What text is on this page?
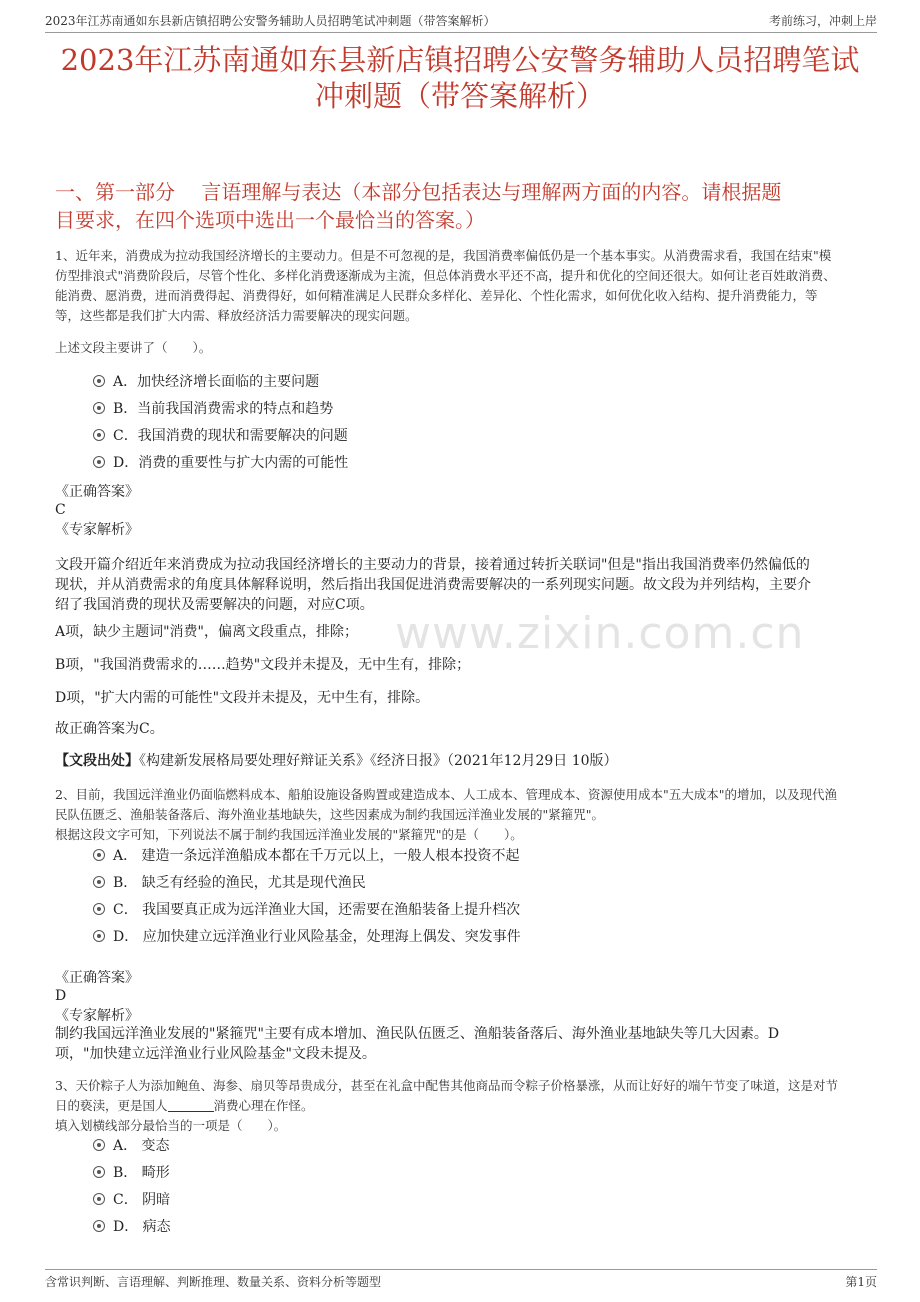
2023年江苏南通如东县新店镇招聘公安警务辅助人员招聘笔试冲刺题（带答案解析）	考前练习，冲刺上岸
2023年江苏南通如东县新店镇招聘公安警务辅助人员招聘笔试
冲刺题（带答案解析）
一、第一部分　 言语理解与表达（本部分包括表达与理解两方面的内容。请根据题
目要求，在四个选项中选出一个最恰当的答案。）
www.zixin.com.cn
1、近年来，消费成为拉动我国经济增长的主要动力。但是不可忽视的是，我国消费率偏低仍是一个基本事实。从消费需求看，我国在结束"模
仿型排浪式"消费阶段后，尽管个性化、多样化消费逐渐成为主流，但总体消费水平还不高，提升和优化的空间还很大。如何让老百姓敢消费、
能消费、愿消费，进而消费得起、消费得好，如何精准满足人民群众多样化、差异化、个性化需求，如何优化收入结构、提升消费能力，等
等，这些都是我们扩大内需、释放经济活力需要解决的现实问题。
上述文段主要讲了（　　）。
A．加快经济增长面临的主要问题
B．当前我国消费需求的特点和趋势
C．我国消费的现状和需要解决的问题
D．消费的重要性与扩大内需的可能性
《正确答案》
C
《专家解析》
文段开篇介绍近年来消费成为拉动我国经济增长的主要动力的背景，接着通过转折关联词"但是"指出我国消费率仍然偏低的
现状，并从消费需求的角度具体解释说明，然后指出我国促进消费需要解决的一系列现实问题。故文段为并列结构，主要介
绍了我国消费的现状及需要解决的问题，对应C项。
A项，缺少主题词"消费"，偏离文段重点，排除；
B项，"我国消费需求的……趋势"文段并未提及，无中生有，排除；
D项，"扩大内需的可能性"文段并未提及，无中生有，排除。
故正确答案为C。
【文段出处】《构建新发展格局要处理好辩证关系》《经济日报》（2021年12月29日 10版）
2、目前，我国远洋渔业仍面临燃料成本、船舶设施设备购置或建造成本、人工成本、管理成本、资源使用成本"五大成本"的增加，以及现代渔
民队伍匮乏、渔船装备落后、海外渔业基地缺失，这些因素成为制约我国远洋渔业发展的"紧箍咒"。
根据这段文字可知，下列说法不属于制约我国远洋渔业发展的"紧箍咒"的是（　　）。
A． 建造一条远洋渔船成本都在千万元以上，一般人根本投资不起
B． 缺乏有经验的渔民，尤其是现代渔民
C． 我国要真正成为远洋渔业大国，还需要在渔船装备上提升档次
D． 应加快建立远洋渔业行业风险基金，处理海上偶发、突发事件
《正确答案》
D
《专家解析》
制约我国远洋渔业发展的"紧箍咒"主要有成本增加、渔民队伍匮乏、渔船装备落后、海外渔业基地缺失等几大因素。D
项，"加快建立远洋渔业行业风险基金"文段未提及。
3、天价粽子人为添加鲍鱼、海参、扇贝等昂贵成分，甚至在礼盒中配售其他商品而令粽子价格暴涨，从而让好好的端午节变了味道，这是对节
日的亵渎，更是国人	消费心理在作怪。
填入划横线部分最恰当的一项是（　　）。
A． 变态
B． 畸形
C． 阴暗
D． 病态
含常识判断、言语理解、判断推理、数量关系、资料分析等题型	第1页
